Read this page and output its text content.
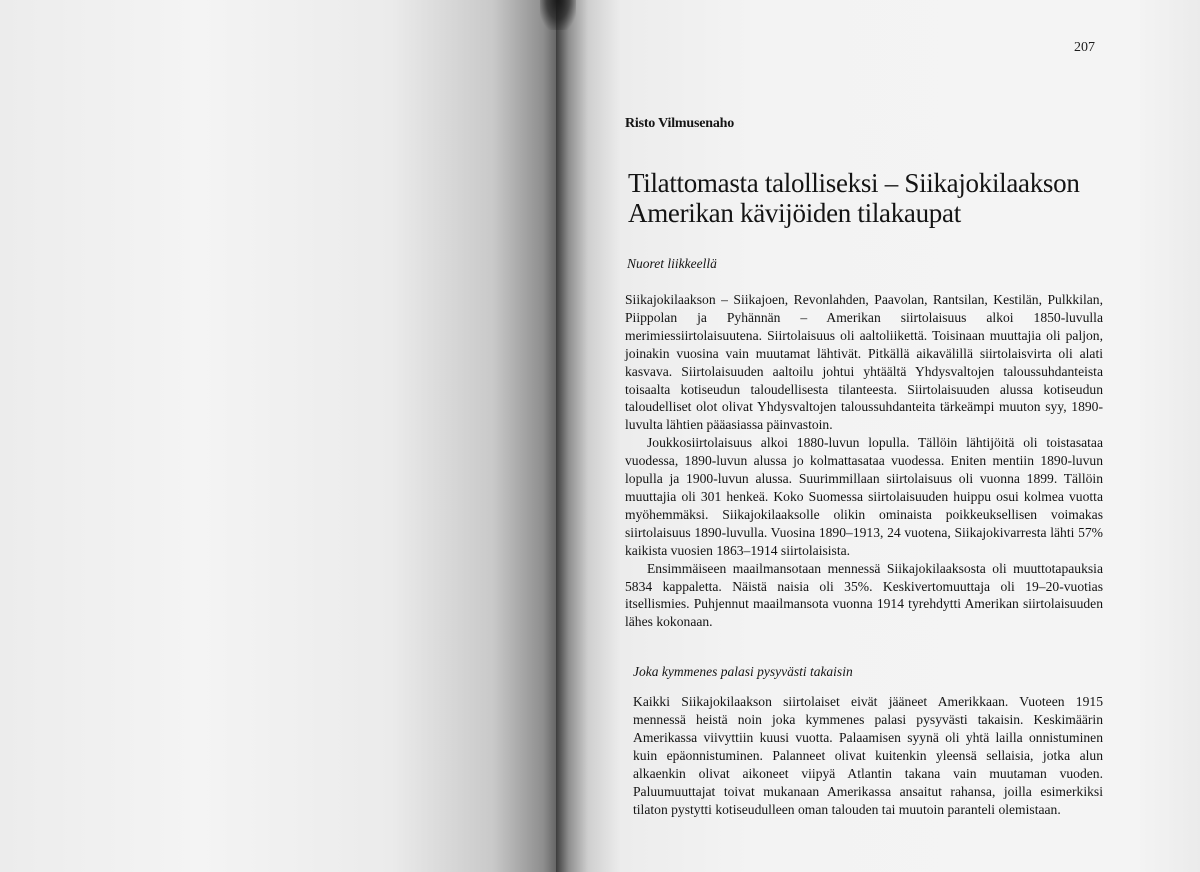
207
Risto Vilmusenaho
Tilattomasta talolliseksi – Siikajokilaakson
Amerikan kävijöiden tilakaupat
Nuoret liikkeellä

Siikajokilaakson – Siikajoen, Revonlahden, Paavolan, Rantsilan, Kestilän, Pulkkilan, Piippolan ja Pyhännän – Amerikan siirtolaisuus alkoi 1850-luvulla merimiessiirtolaisuutena. Siirtolaisuus oli aaltoliikettä. Toisinaan muuttajia oli paljon, joinakin vuosina vain muutamat lähtivät. Pitkällä aikavälillä siirtolaisvirta oli alati kasvava. Siirtolaisuuden aaltoilu johtui yhtäältä Yhdysvaltojen taloussuhdanteista toisaalta kotiseudun taloudellisesta tilanteesta. Siirtolaisuuden alussa kotiseudun taloudelliset olot olivat Yhdysvaltojen taloussuhdanteita tärkeämpi muuton syy, 1890-luvulta lähtien pääasiassa päinvastoin.

Joukkosiirtolaisuus alkoi 1880-luvun lopulla. Tällöin lähtijöitä oli toistasataa vuodessa, 1890-luvun alussa jo kolmattasataa vuodessa. Eniten mentiin 1890-luvun lopulla ja 1900-luvun alussa. Suurimmillaan siirtolaisuus oli vuonna 1899. Tällöin muuttajia oli 301 henkeä. Koko Suomessa siirtolaisuuden huippu osui kolmea vuotta myöhemmäksi. Siikajokilaaksolle olikin ominaista poikkeuksellisen voimakas siirtolaisuus 1890-luvulla. Vuosina 1890–1913, 24 vuotena, Siikajokivarresta lähti 57% kaikista vuosien 1863–1914 siirtolaisista.

Ensimmäiseen maailmansotaan mennessä Siikajokilaaksosta oli muuttotapauksia 5834 kappaletta. Näistä naisia oli 35%. Keskivertomuuttaja oli 19–20-vuotias itsellismies. Puhjennut maailmansota vuonna 1914 tyrehdytti Amerikan siirtolaisuuden lähes kokonaan.

Joka kymmenes palasi pysyvästi takaisin

Kaikki Siikajokilaakson siirtolaiset eivät jääneet Amerikkaan. Vuoteen 1915 mennessä heistä noin joka kymmenes palasi pysyvästi takaisin. Keskimäärin Amerikassa viivyttiin kuusi vuotta. Palaamisen syynä oli yhtä lailla onnistuminen kuin epäonnistuminen. Palanneet olivat kuitenkin yleensä sellaisia, jotka alun alkaenkin olivat aikoneet viipyä Atlantin takana vain muutaman vuoden. Paluumuuttajat toivat mukanaan Amerikassa ansaitut rahansa, joilla esimerkiksi tilaton pystytti kotiseudulleen oman talouden tai muutoin paranteli olemistaan.
